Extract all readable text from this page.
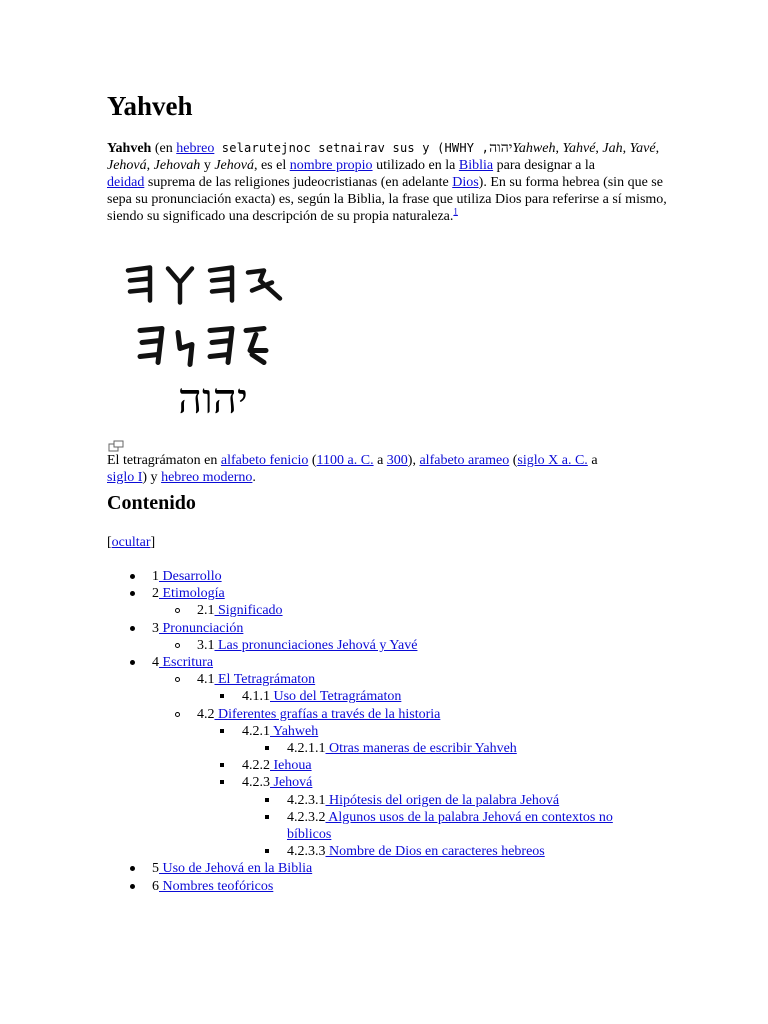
Yahveh

Yahveh (en hebreo selarutejnoc setnairav sus y (HWHY ,יהוהYahweh, Yahvé, Jah, Yavé,
Jehová, Jehovah y Jehová, es el nombre propio utilizado en la Biblia para designar a la
deidad suprema de las religiones judeocristianas (en adelante Dios). En su forma hebrea (sin que se sepa su pronunciación exacta) es, según la Biblia, la frase que utiliza Dios para referirse a sí mismo, siendo su significado una descripción de su propia naturaleza.$^1$

יהוה

El tetragrámaton en alfabeto fenicio (1100 a. C. a 300), alfabeto arameo (siglo X a. C. a
siglo I) y hebreo moderno.

Contenido
[ocultar]
1 Desarrollo
2 Etimología
2.1 Significado
3 Pronunciación
3.1 Las pronunciaciones Jehová y Yavé
4 Escritura
4.1 El Tetragrámaton
4.1.1 Uso del Tetragrámaton
4.2 Diferentes grafías a través de la historia
4.2.1 Yahweh
4.2.1.1 Otras maneras de escribir Yahveh
4.2.2 Iehoua
4.2.3 Jehová
4.2.3.1 Hipótesis del origen de la palabra Jehová
4.2.3.2 Algunos usos de la palabra Jehová en contextos no
bíblicos
4.2.3.3 Nombre de Dios en caracteres hebreos
5 Uso de Jehová en la Biblia
6 Nombres teofóricos
